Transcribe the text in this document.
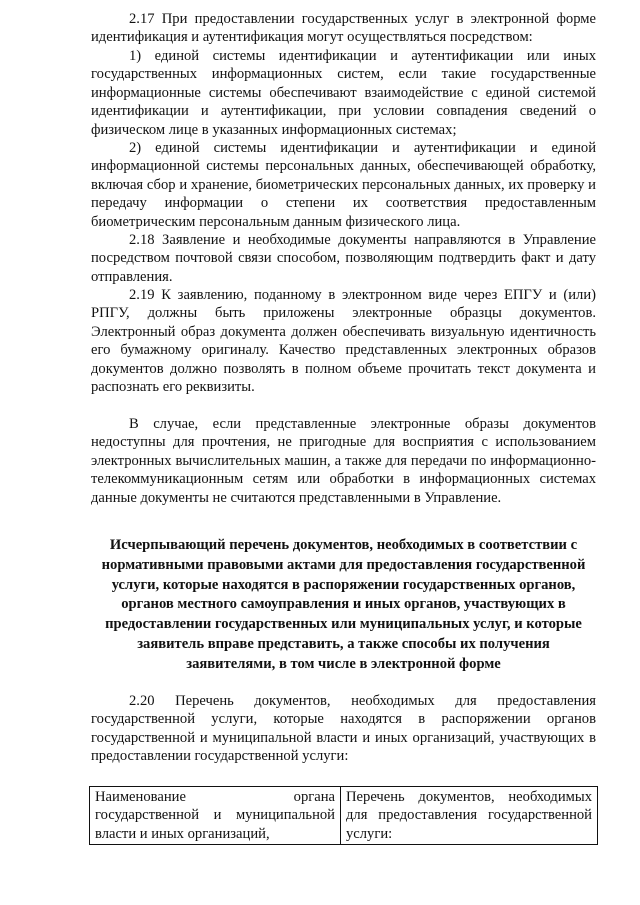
2.17 При предоставлении государственных услуг в электронной форме идентификация и аутентификация могут осуществляться посредством:

1) единой системы идентификации и аутентификации или иных государственных информационных систем, если такие государственные информационные системы обеспечивают взаимодействие с единой системой идентификации и аутентификации, при условии совпадения сведений о физическом лице в указанных информационных системах;

2) единой системы идентификации и аутентификации и единой информационной системы персональных данных, обеспечивающей обработку, включая сбор и хранение, биометрических персональных данных, их проверку и передачу информации о степени их соответствия предоставленным биометрическим персональным данным физического лица.

2.18 Заявление и необходимые документы направляются в Управление посредством почтовой связи способом, позволяющим подтвердить факт и дату отправления.

2.19 К заявлению, поданному в электронном виде через ЕПГУ и (или) РПГУ, должны быть приложены электронные образцы документов. Электронный образ документа должен обеспечивать визуальную идентичность его бумажному оригиналу. Качество представленных электронных образов документов должно позволять в полном объеме прочитать текст документа и распознать его реквизиты.

В случае, если представленные электронные образы документов недоступны для прочтения, не пригодные для восприятия с использованием электронных вычислительных машин, а также для передачи по информационно-телекоммуникационным сетям или обработки в информационных системах данные документы не считаются представленными в Управление.

Исчерпывающий перечень документов, необходимых в соответствии с нормативными правовыми актами для предоставления государственной услуги, которые находятся в распоряжении государственных органов, органов местного самоуправления и иных органов, участвующих в предоставлении государственных или муниципальных услуг, и которые заявитель вправе представить, а также способы их получения заявителями, в том числе в электронной форме

2.20 Перечень документов, необходимых для предоставления государственной услуги, которые находятся в распоряжении органов государственной и муниципальной власти и иных организаций, участвующих в предоставлении государственной услуги:

Наименование органа государственной и муниципальной власти и иных организаций,	Перечень документов, необходимых для предоставления государственной услуги:
